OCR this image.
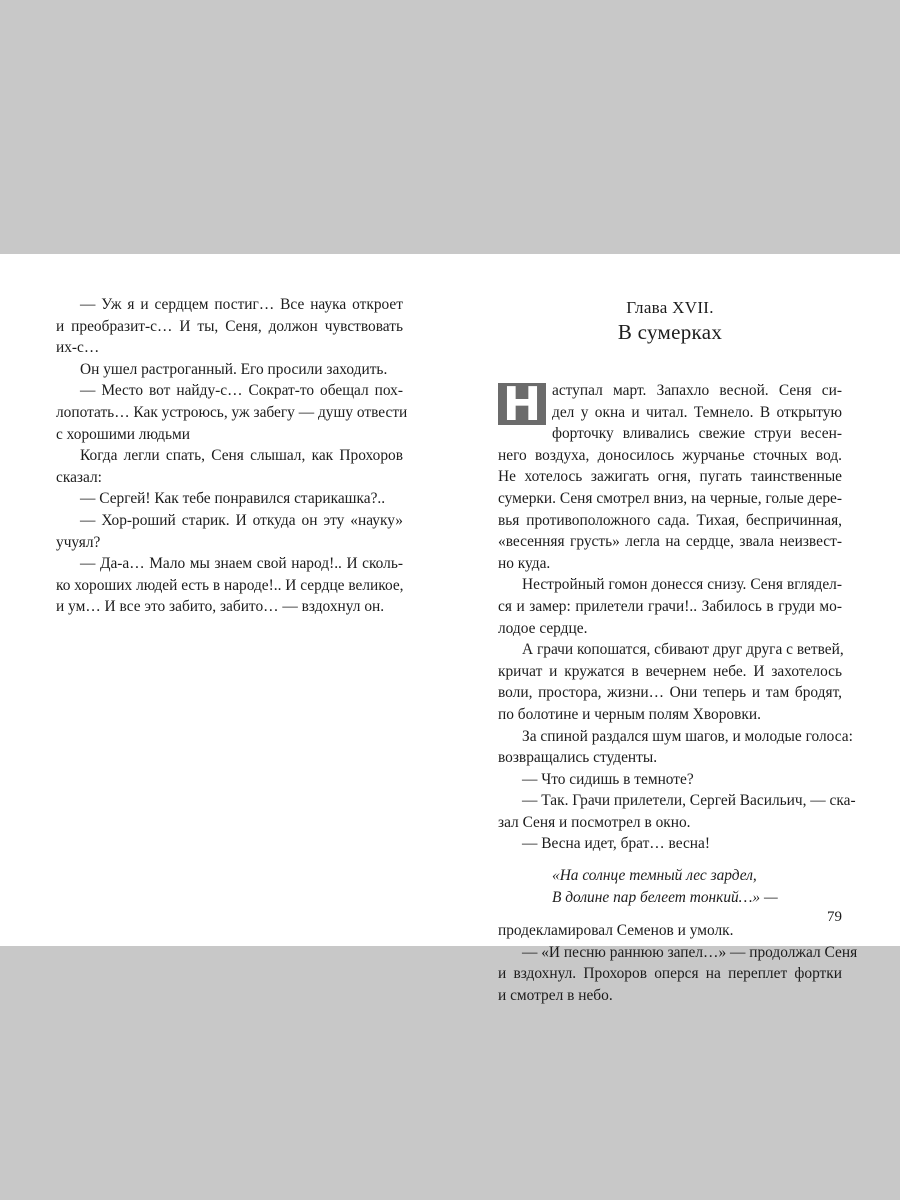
— Уж я и сердцем постиг… Все наука откроет
и преобразит-с… И ты, Сеня, должон чувствовать
их-с…
Он ушел растроганный. Его просили заходить.
— Место вот найду-с… Сократ-то обещал пох-
лопотать… Как устроюсь, уж забегу — душу отвести
с хорошими людьми
Когда легли спать, Сеня слышал, как Прохоров
сказал:
— Сергей! Как тебе понравился старикашка?..
— Хор-роший старик. И откуда он эту «науку»
учуял?
— Да-а… Мало мы знаем свой народ!.. И сколь-
ко хороших людей есть в народе!.. И сердце великое,
и ум… И все это забито, забито… — вздохнул он.
Глава XVII.
В сумерках
Н аступал март. Запахло весной. Сеня си-
дел у окна и читал. Темнело. В открытую
форточку вливались свежие струи весен-
него воздуха, доносилось журчанье сточных вод.
Не хотелось зажигать огня, пугать таинственные
сумерки. Сеня смотрел вниз, на черные, голые дере-
вья противоположного сада. Тихая, беспричинная,
«весенняя грусть» легла на сердце, звала неизвест-
но куда.
Нестройный гомон донесся снизу. Сеня вглядел-
ся и замер: прилетели грачи!.. Забилось в груди мо-
лодое сердце.
А грачи копошатся, сбивают друг друга с ветвей,
кричат и кружатся в вечернем небе. И захотелось
воли, простора, жизни… Они теперь и там бродят,
по болотине и черным полям Хворовки.
За спиной раздался шум шагов, и молодые голоса:
возвращались студенты.
— Что сидишь в темноте?
— Так. Грачи прилетели, Сергей Васильич, — ска-
зал Сеня и посмотрел в окно.
— Весна идет, брат… весна!
«На солнце темный лес зардел,
В долине пар белеет тонкий…» —
продекламировал Семенов и умолк.
— «И песню раннюю запел…» — продолжал Сеня
и вздохнул. Прохоров оперся на переплет фортки
и смотрел в небо.
79
